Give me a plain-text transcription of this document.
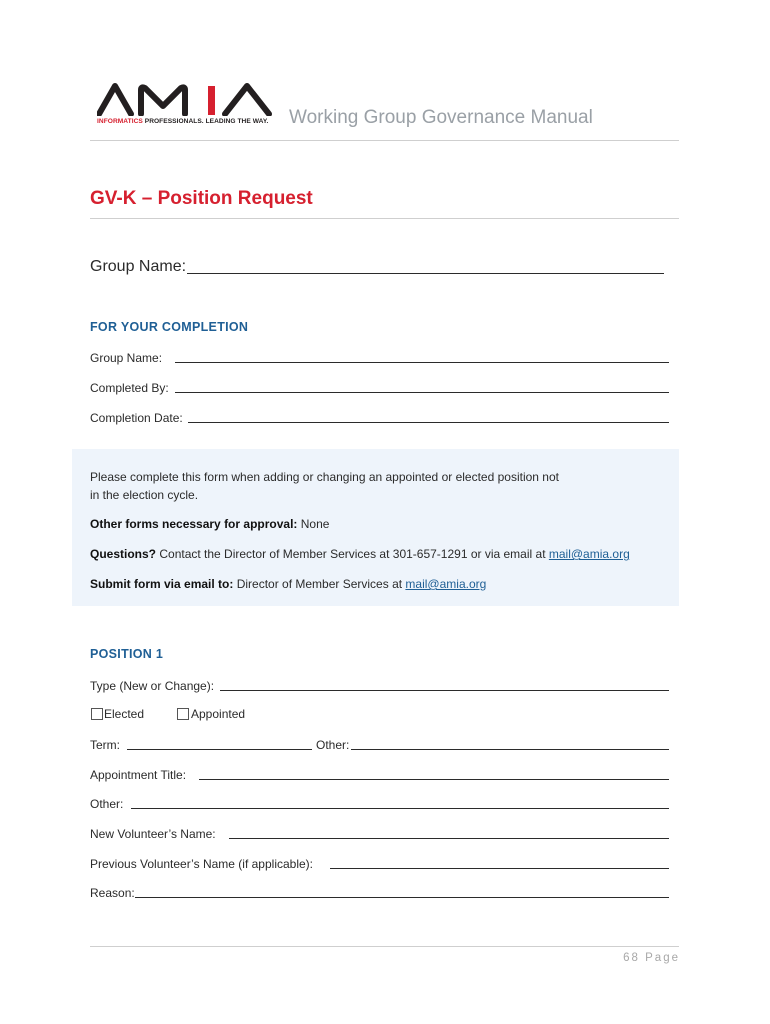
INFORMATICS PROFESSIONALS. LEADING THE WAY. Working Group Governance Manual
GV-K – Position Request
Group Name:
FOR YOUR COMPLETION
Group Name:
Completed By:
Completion Date:
Please complete this form when adding or changing an appointed or elected position not
in the election cycle.
Other forms necessary for approval: None
Questions? Contact the Director of Member Services at 301-657-1291 or via email at mail@amia.org
Submit form via email to: Director of Member Services at mail@amia.org
POSITION 1
Type (New or Change):
Elected	Appointed
Term:	Other:
Appointment Title:
Other:
New Volunteer’s Name:
Previous Volunteer’s Name (if applicable):
Reason:
68 Page
